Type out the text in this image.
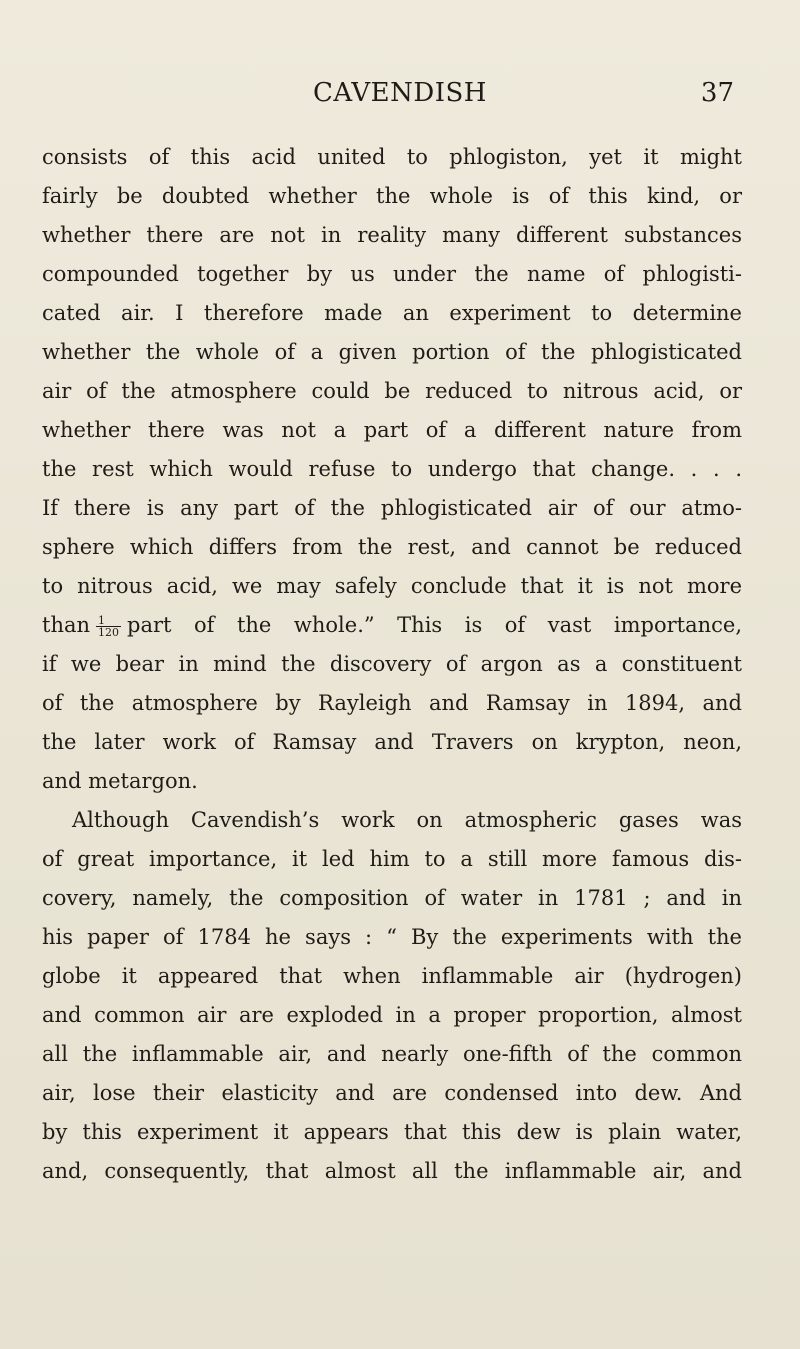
CAVENDISH	37
consists of this acid united to phlogiston, yet it might
fairly be doubted whether the whole is of this kind, or
whether there are not in reality many different substances
compounded together by us under the name of phlogisti-
cated air. I therefore made an experiment to determine
whether the whole of a given portion of the phlogisticated
air of the atmosphere could be reduced to nitrous acid, or
whether there was not a part of a different nature from
the rest which would refuse to undergo that change. . . .
If there is any part of the phlogisticated air of our atmo-
sphere which differs from the rest, and cannot be reduced
to nitrous acid, we may safely conclude that it is not more
than $\frac{1}{120}$ part of the whole.” This is of vast importance,
if we bear in mind the discovery of argon as a constituent
of the atmosphere by Rayleigh and Ramsay in 1894, and
the later work of Ramsay and Travers on krypton, neon,
and metargon.
Although Cavendish’s work on atmospheric gases was
of great importance, it led him to a still more famous dis-
covery, namely, the composition of water in 1781 ; and in
his paper of 1784 he says : “ By the experiments with the
globe it appeared that when inflammable air (hydrogen)
and common air are exploded in a proper proportion, almost
all the inflammable air, and nearly one-fifth of the common
air, lose their elasticity and are condensed into dew. And
by this experiment it appears that this dew is plain water,
and, consequently, that almost all the inflammable air, and
